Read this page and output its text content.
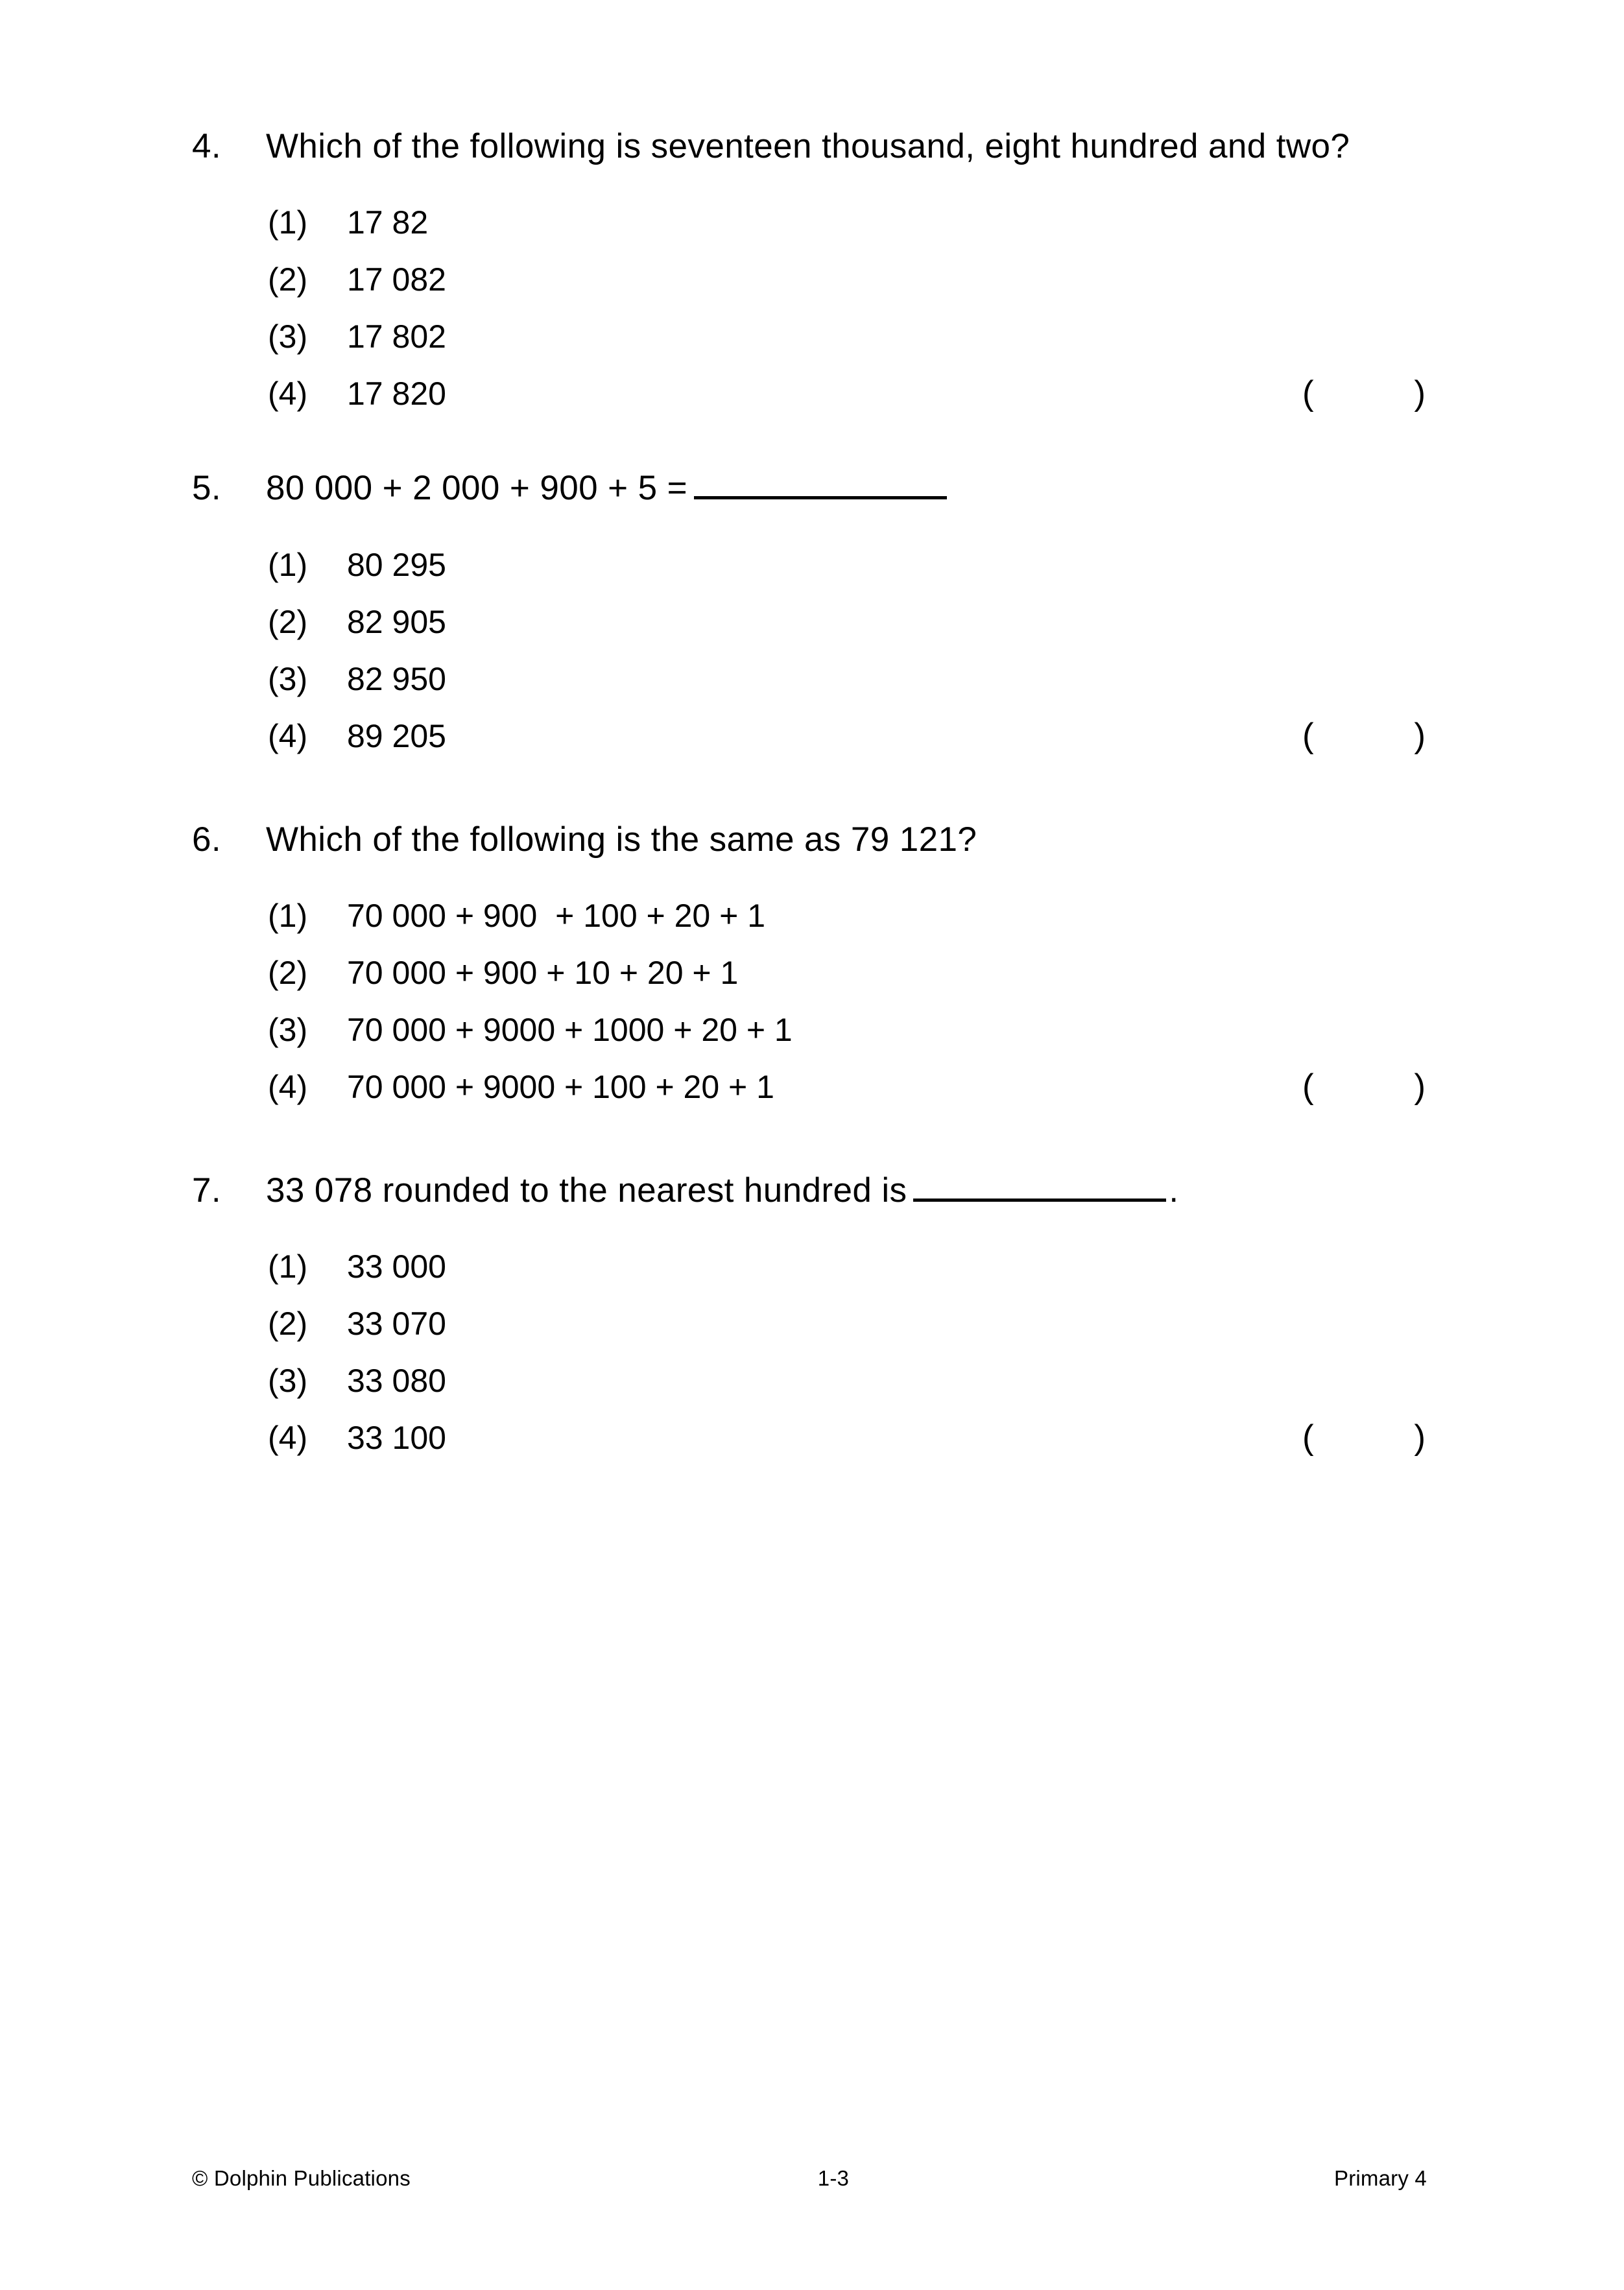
4.	Which of the following is seventeen thousand, eight hundred and two?
(1)	17 82
(2)	17 082
(3)	17 802
(4)	17 820	(	)
5.	80 000 + 2 000 + 900 + 5 =
(1)	80 295
(2)	82 905
(3)	82 950
(4)	89 205	(	)
6.	Which of the following is the same as 79 121?
(1)	70 000 + 900  + 100 + 20 + 1
(2)	70 000 + 900 + 10 + 20 + 1
(3)	70 000 + 9000 + 1000 + 20 + 1
(4)	70 000 + 9000 + 100 + 20 + 1	(	)
7.	33 078 rounded to the nearest hundred is	.
(1)	33 000
(2)	33 070
(3)	33 080
(4)	33 100	(	)
© Dolphin Publications	1-3	Primary 4
